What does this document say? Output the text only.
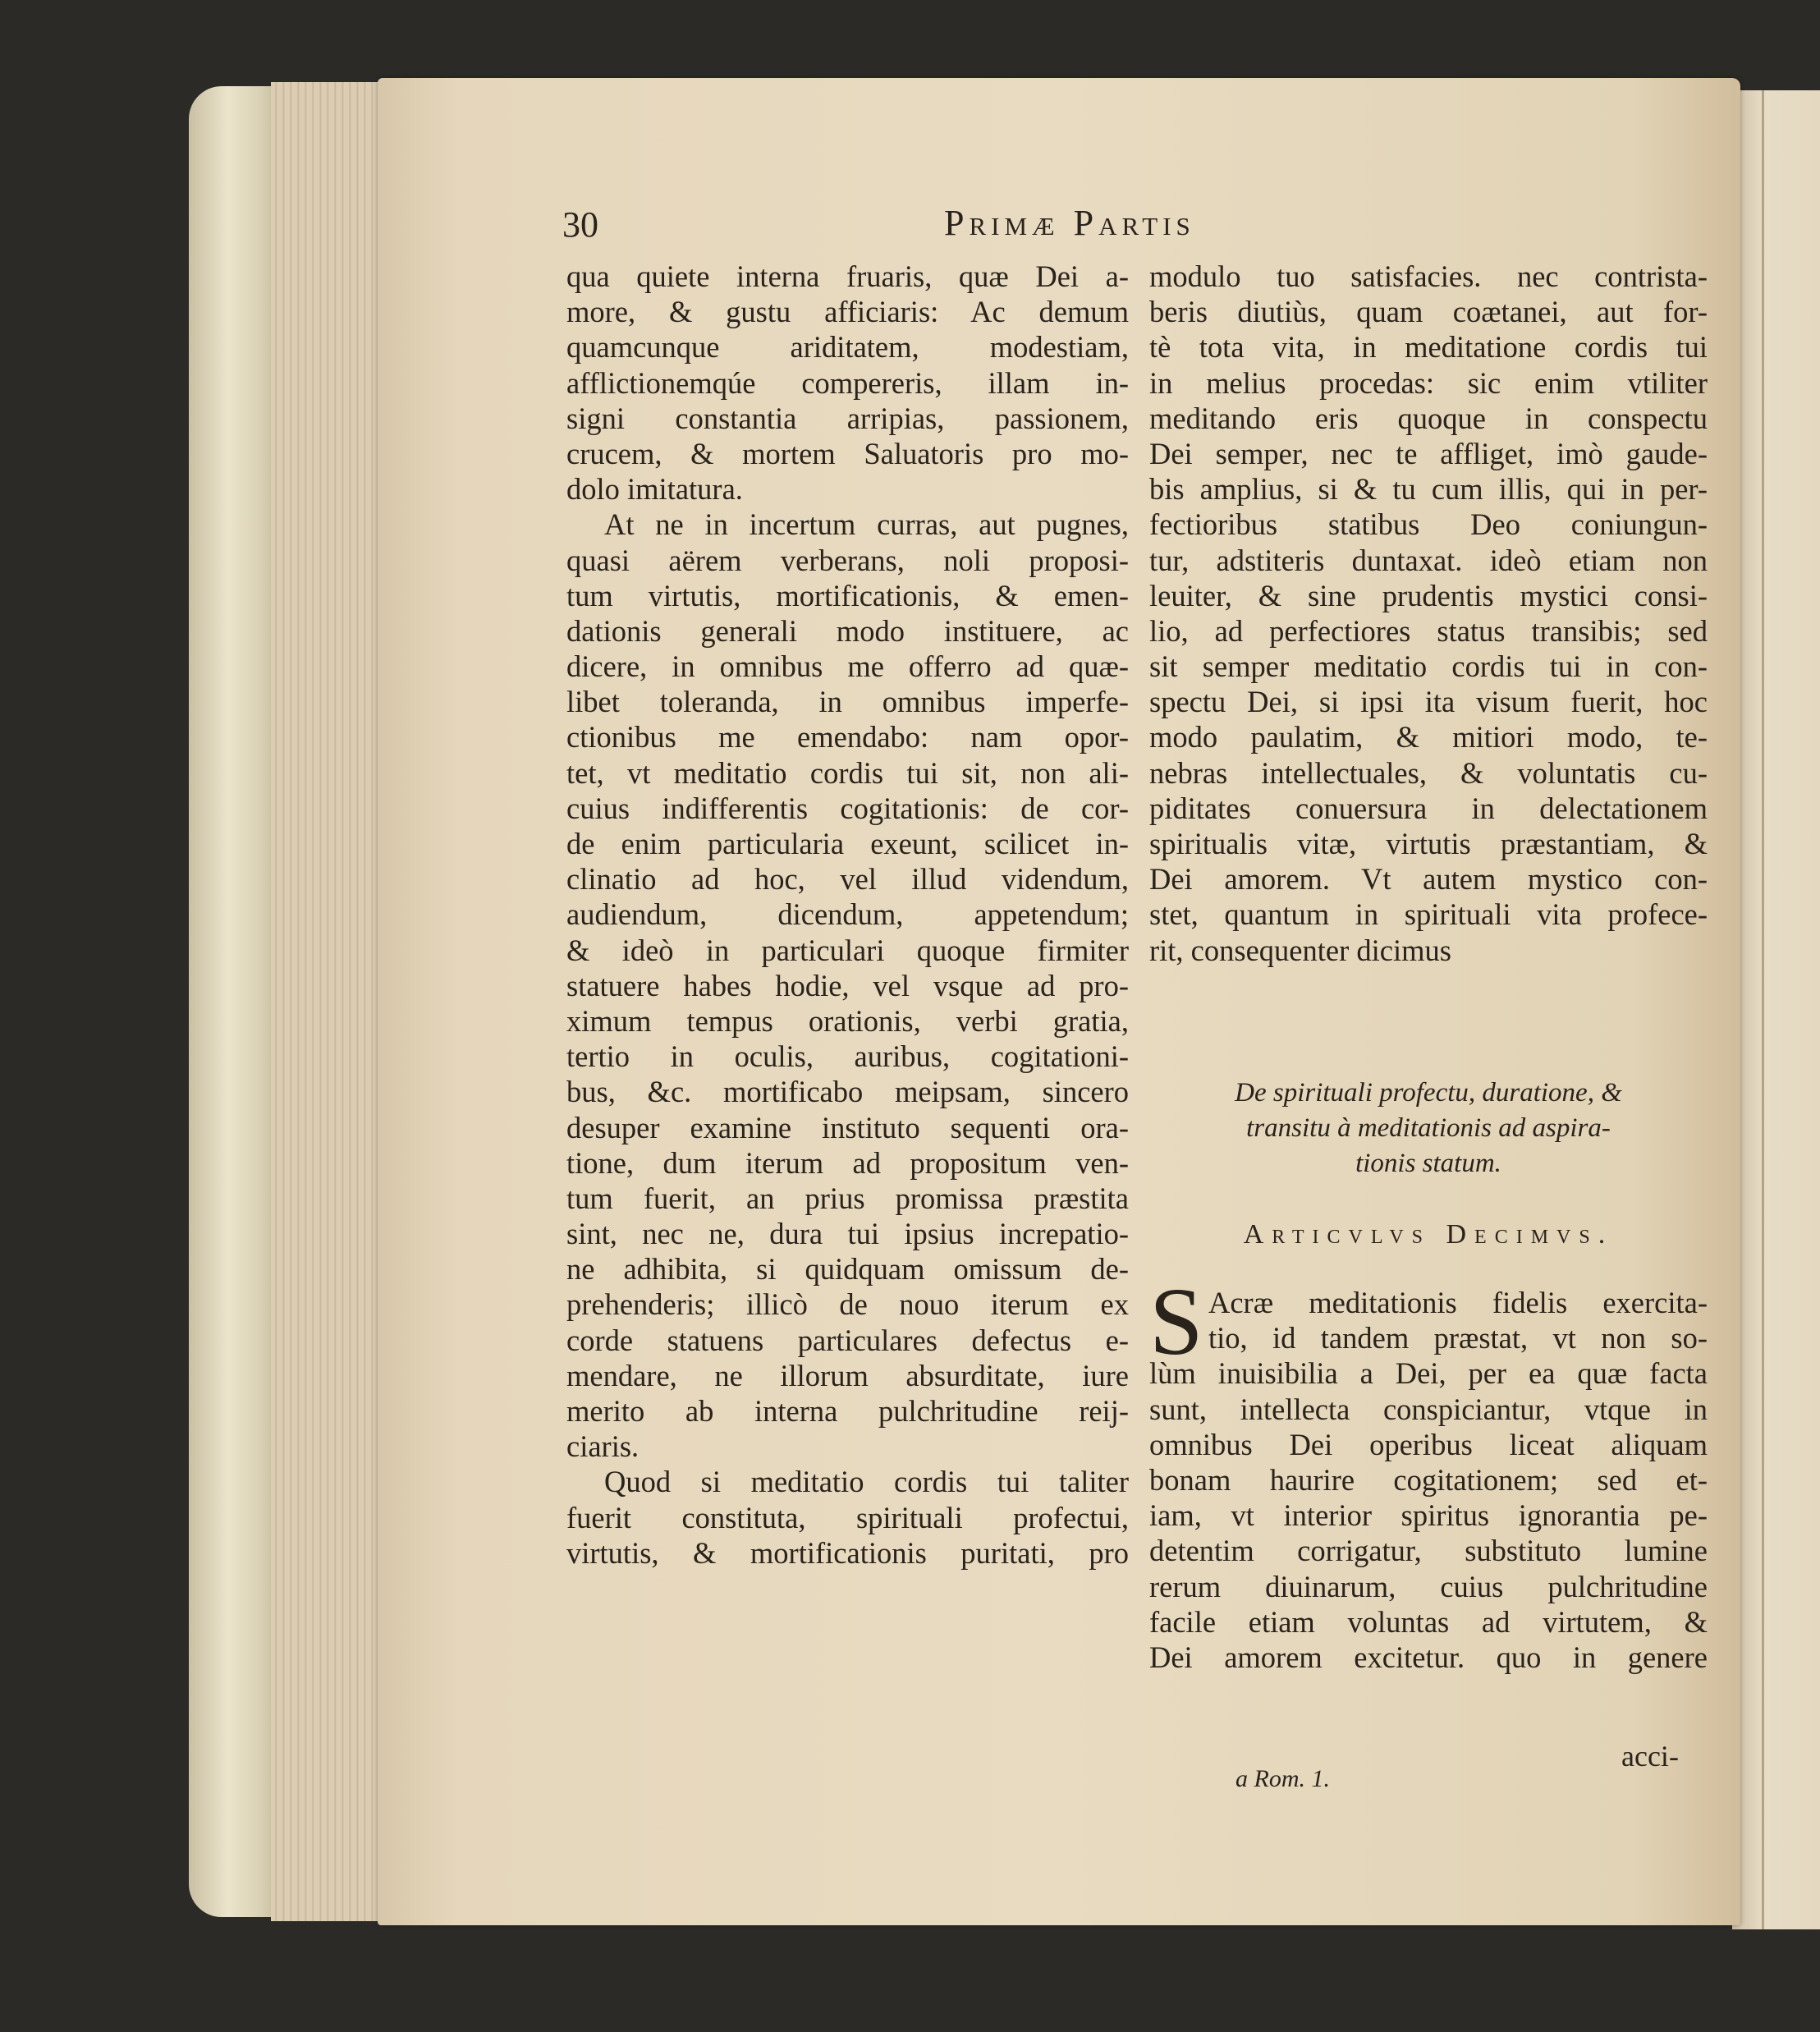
30	Primæ Partis
qua quiete interna fruaris, quæ Dei a-
more, & gustu afficiaris: Ac demum
quamcunque ariditatem, modestiam,
afflictionemqúe compereris, illam in-
signi constantia arripias, passionem,
crucem, & mortem Saluatoris pro mo-
dolo imitatura.
At ne in incertum curras, aut pugnes,
quasi aërem verberans, noli proposi-
tum virtutis, mortificationis, & emen-
dationis generali modo instituere, ac
dicere, in omnibus me offerro ad quæ-
libet toleranda, in omnibus imperfe-
ctionibus me emendabo: nam opor-
tet, vt meditatio cordis tui sit, non ali-
cuius indifferentis cogitationis: de cor-
de enim particularia exeunt, scilicet in-
clinatio ad hoc, vel illud videndum,
audiendum, dicendum, appetendum;
& ideò in particulari quoque firmiter
statuere habes hodie, vel vsque ad pro-
ximum tempus orationis, verbi gratia,
tertio in oculis, auribus, cogitationi-
bus, &c. mortificabo meipsam, sincero
desuper examine instituto sequenti ora-
tione, dum iterum ad propositum ven-
tum fuerit, an prius promissa præstita
sint, nec ne, dura tui ipsius increpatio-
ne adhibita, si quidquam omissum de-
prehenderis; illicò de nouo iterum ex
corde statuens particulares defectus e-
mendare, ne illorum absurditate, iure
merito ab interna pulchritudine reij-
ciaris.
Quod si meditatio cordis tui taliter
fuerit constituta, spirituali profectui,
virtutis, & mortificationis puritati, pro
modulo tuo satisfacies. nec contrista-
beris diutiùs, quam coætanei, aut for-
tè tota vita, in meditatione cordis tui
in melius procedas: sic enim vtiliter
meditando eris quoque in conspectu
Dei semper, nec te affliget, imò gaude-
bis amplius, si & tu cum illis, qui in per-
fectioribus statibus Deo coniungun-
tur, adstiteris duntaxat. ideò etiam non
leuiter, & sine prudentis mystici consi-
lio, ad perfectiores status transibis; sed
sit semper meditatio cordis tui in con-
spectu Dei, si ipsi ita visum fuerit, hoc
modo paulatim, & mitiori modo, te-
nebras intellectuales, & voluntatis cu-
piditates conuersura in delectationem
spiritualis vitæ, virtutis præstantiam, &
Dei amorem. Vt autem mystico con-
stet, quantum in spirituali vita profece-
rit, consequenter dicimus
De spirituali profectu, duratione, &
transitu à meditationis ad aspira-
tionis statum.
Articvlvs Decimvs.
S Acræ meditationis fidelis exercita-
tio, id tandem præstat, vt non so-
lùm inuisibilia a Dei, per ea quæ facta
sunt, intellecta conspiciantur, vtque in
omnibus Dei operibus liceat aliquam
bonam haurire cogitationem; sed et-
iam, vt interior spiritus ignorantia pe-
detentim corrigatur, substituto lumine
rerum diuinarum, cuius pulchritudine
facile etiam voluntas ad virtutem, &
Dei amorem excitetur. quo in genere
acci-
a Rom. 1.
